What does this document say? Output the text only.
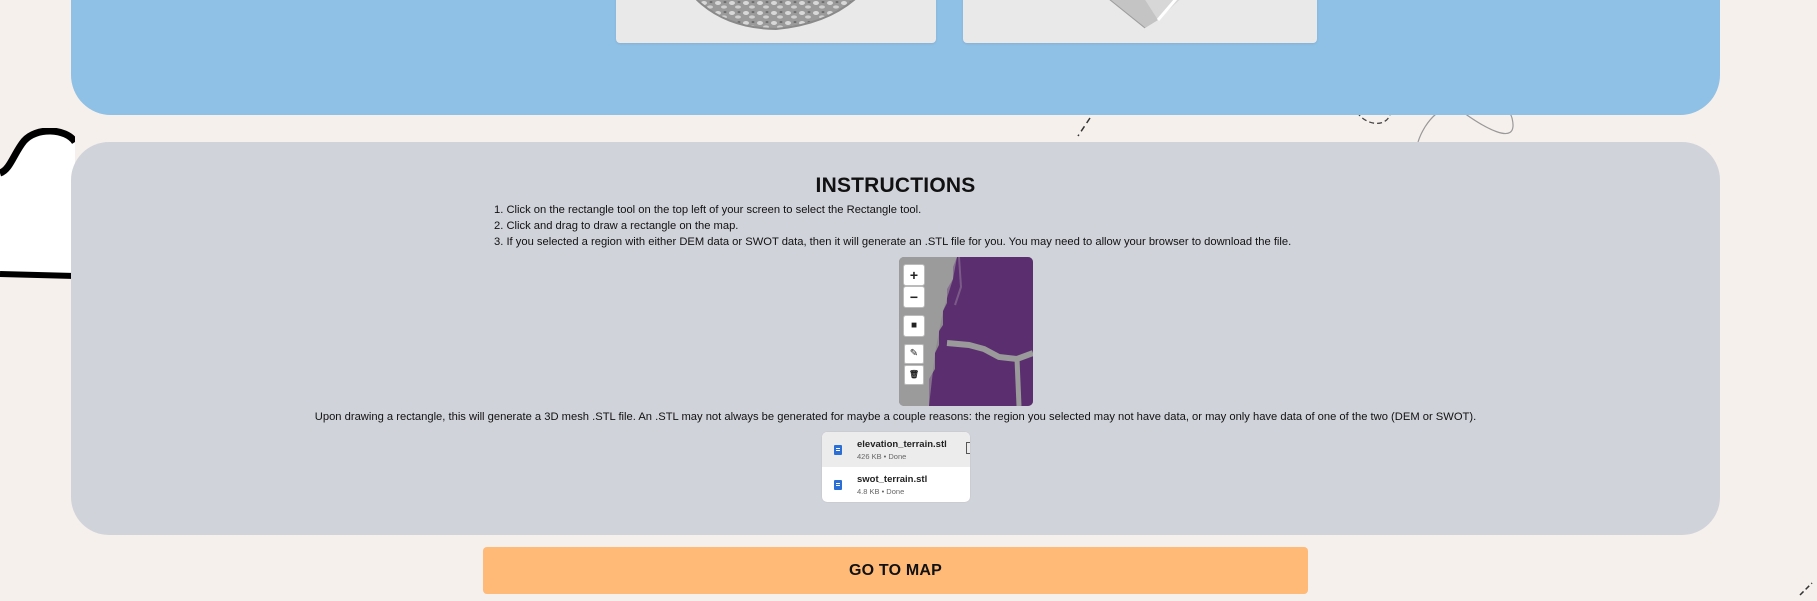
INSTRUCTIONS
1. Click on the rectangle tool on the top left of your screen to select the Rectangle tool.
2. Click and drag to draw a rectangle on the map.
3. If you selected a region with either DEM data or SWOT data, then it will generate an .STL file for you. You may need to allow your browser to download the file.
+
−
■
✎
🗑
Upon drawing a rectangle, this will generate a 3D mesh .STL file. An .STL may not always be generated for maybe a couple reasons: the region you selected may not have data, or may only have data of one of the two (DEM or SWOT).
elevation_terrain.stl
426 KB • Done
swot_terrain.stl
4.8 KB • Done
GO TO MAP
